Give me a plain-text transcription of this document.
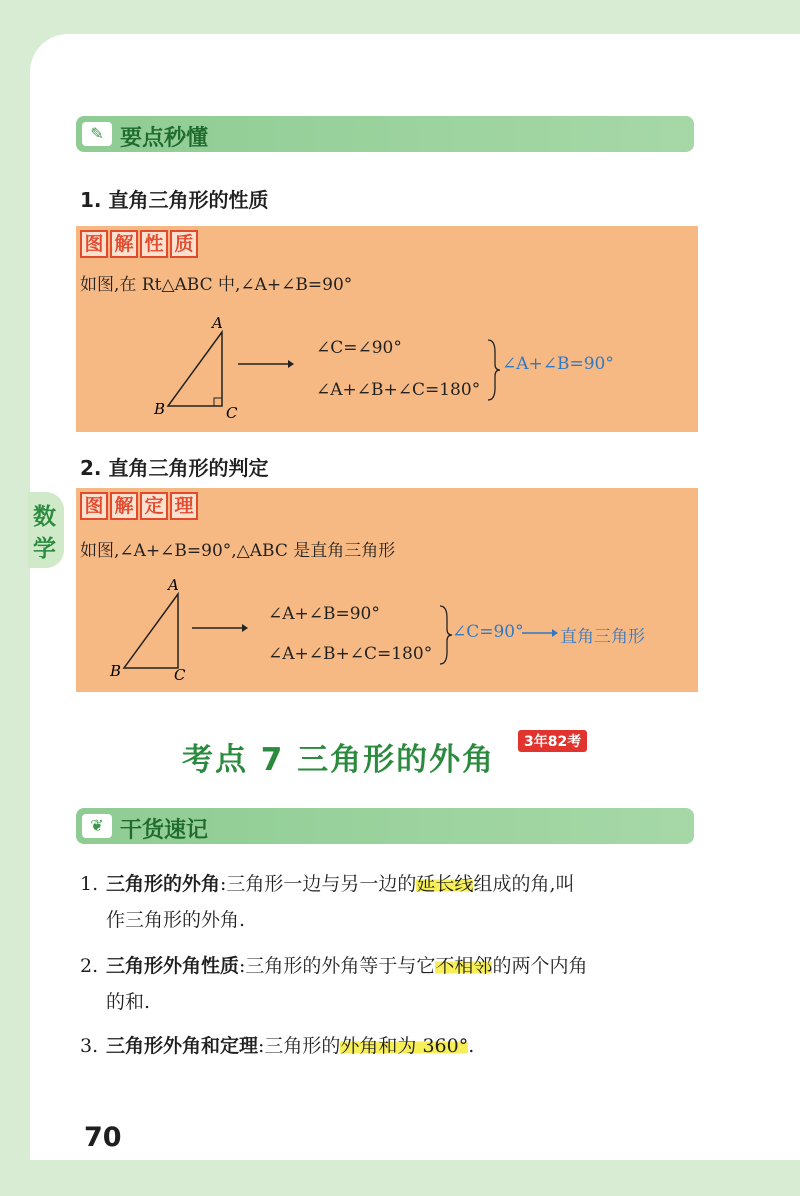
✎ 要点秒懂
1. 直角三角形的性质
图 解 性 质
如图,在 Rt△ABC 中,∠A+∠B=90°
A
B	C
∠C=∠90°
∠A+∠B+∠C=180°
∠A+∠B=90°
2. 直角三角形的判定
数
学
图 解 定 理
如图,∠A+∠B=90°,△ABC 是直角三角形
A
B	C
∠A+∠B=90°
∠A+∠B+∠C=180°
∠C=90° 直角三角形
考点 7 三角形的外角	3年82考
❦ 干货速记
1. 三角形的外角:三角形一边与另一边的延长线组成的角,叫
作三角形的外角.
2. 三角形外角性质:三角形的外角等于与它不相邻的两个内角
的和.
3. 三角形外角和定理:三角形的外角和为 360°.
70
